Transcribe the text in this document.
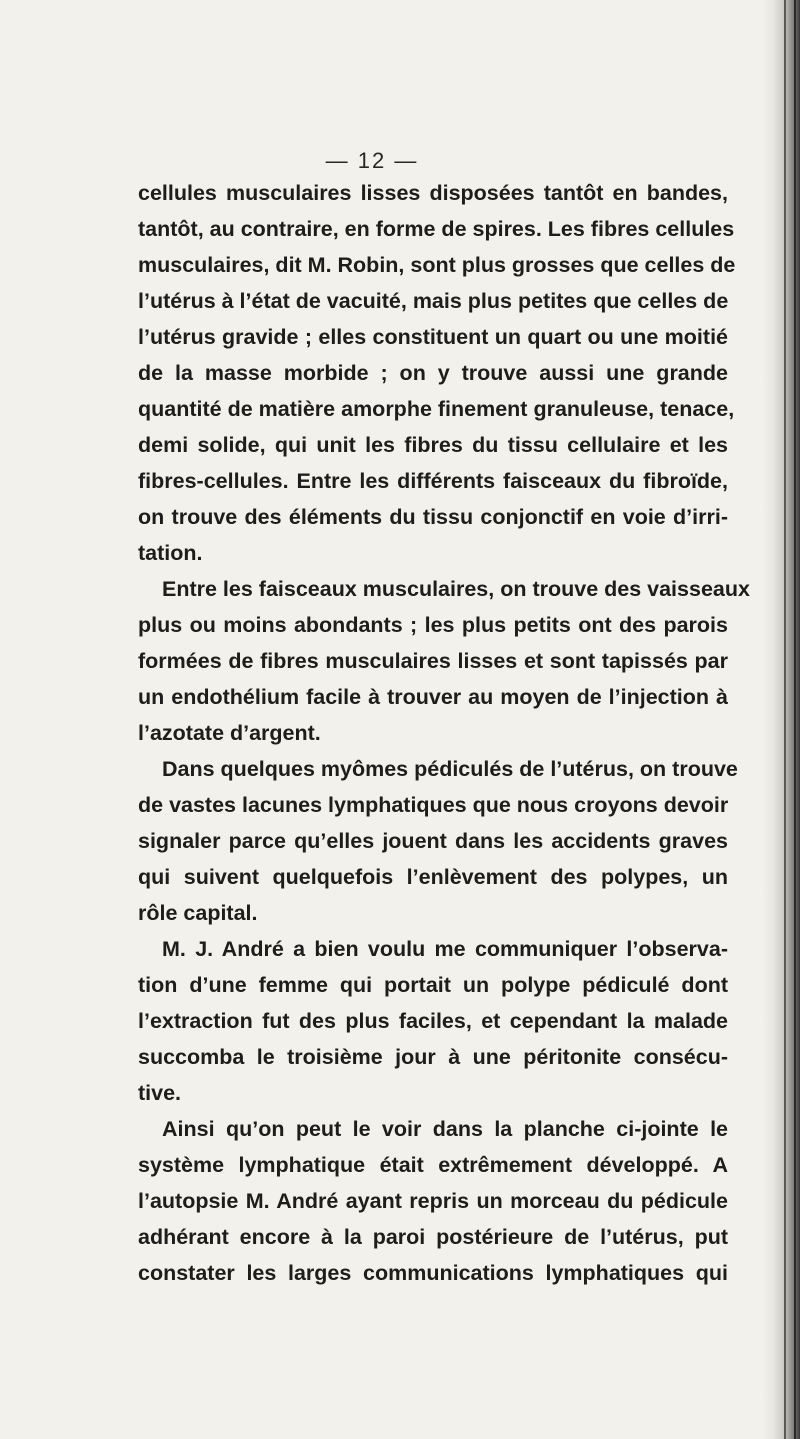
— 12 —
cellules musculaires lisses disposées tantôt en bandes,
tantôt, au contraire, en forme de spires. Les fibres cellules
musculaires, dit M. Robin, sont plus grosses que celles de
l’utérus à l’état de vacuité, mais plus petites que celles de
l’utérus gravide ; elles constituent un quart ou une moitié
de la masse morbide ; on y trouve aussi une grande
quantité de matière amorphe finement granuleuse, tenace,
demi solide, qui unit les fibres du tissu cellulaire et les
fibres-cellules. Entre les différents faisceaux du fibroïde,
on trouve des éléments du tissu conjonctif en voie d’irri-
tation.
Entre les faisceaux musculaires, on trouve des vaisseaux
plus ou moins abondants ; les plus petits ont des parois
formées de fibres musculaires lisses et sont tapissés par
un endothélium facile à trouver au moyen de l’injection à
l’azotate d’argent.
Dans quelques myômes pédiculés de l’utérus, on trouve
de vastes lacunes lymphatiques que nous croyons devoir
signaler parce qu’elles jouent dans les accidents graves
qui suivent quelquefois l’enlèvement des polypes, un
rôle capital.
M. J. André a bien voulu me communiquer l’observa-
tion d’une femme qui portait un polype pédiculé dont
l’extraction fut des plus faciles, et cependant la malade
succomba le troisième jour à une péritonite consécu-
tive.
Ainsi qu’on peut le voir dans la planche ci-jointe le
système lymphatique était extrêmement développé. A
l’autopsie M. André ayant repris un morceau du pédicule
adhérant encore à la paroi postérieure de l’utérus, put
constater les larges communications lymphatiques qui
